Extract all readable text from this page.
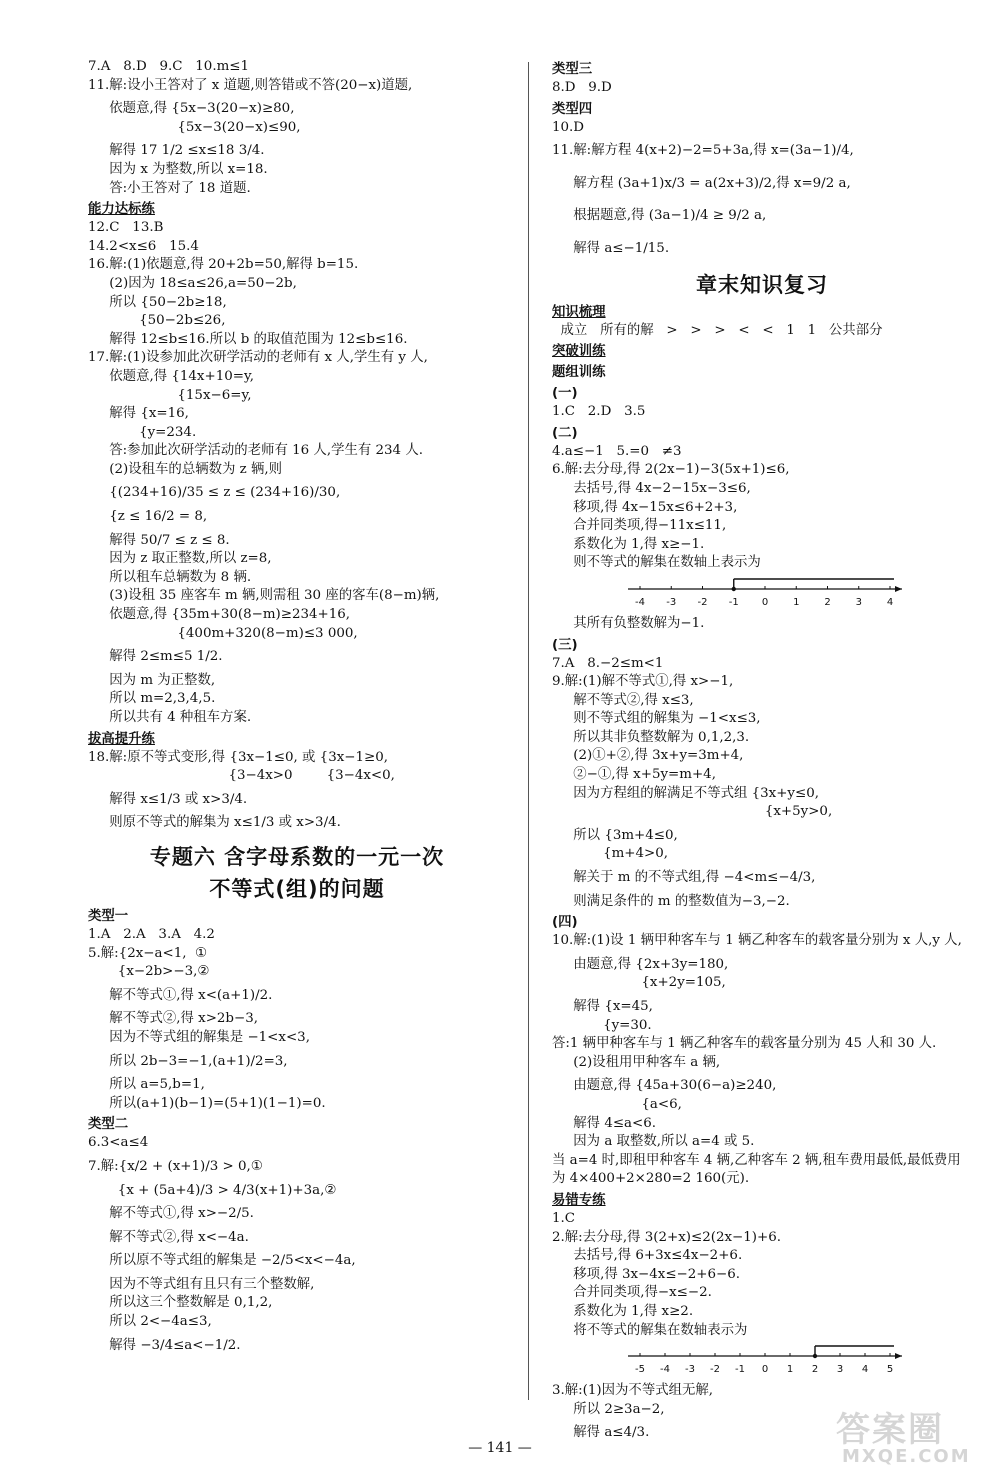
7.A   8.D   9.C   10.m≤1
11.解:设小王答对了 x 道题,则答错或不答(20−x)道题,
依题意,得 {5x−3(20−x)≥80,
{5x−3(20−x)≤90,
解得 17 1/2 ≤x≤18 3/4.
因为 x 为整数,所以 x=18.
答:小王答对了 18 道题.
能力达标练
12.C   13.B
14.2<x≤6   15.4
16.解:(1)依题意,得 20+2b=50,解得 b=15.
(2)因为 18≤a≤26,a=50−2b,
所以 {50−2b≥18,
{50−2b≤26,
解得 12≤b≤16.所以 b 的取值范围为 12≤b≤16.
17.解:(1)设参加此次研学活动的老师有 x 人,学生有 y 人,
依题意,得 {14x+10=y,
{15x−6=y,
解得 {x=16,
{y=234.
答:参加此次研学活动的老师有 16 人,学生有 234 人.
(2)设租车的总辆数为 z 辆,则
{(234+16)/35 ≤ z ≤ (234+16)/30,
{z ≤ 16/2 = 8,
解得 50/7 ≤ z ≤ 8.
因为 z 取正整数,所以 z=8,
所以租车总辆数为 8 辆.
(3)设租 35 座客车 m 辆,则需租 30 座的客车(8−m)辆,
依题意,得 {35m+30(8−m)≥234+16,
{400m+320(8−m)≤3 000,
解得 2≤m≤5 1/2.
因为 m 为正整数,
所以 m=2,3,4,5.
所以共有 4 种租车方案.
拔高提升练
18.解:原不等式变形,得 {3x−1≤0, 或 {3x−1≥0,
{3−4x>0        {3−4x<0,
解得 x≤1/3 或 x>3/4.
则原不等式的解集为 x≤1/3 或 x>3/4.
专题六 含字母系数的一元一次
不等式(组)的问题
类型一
1.A   2.A   3.A   4.2
5.解:{2x−a<1,  ①
{x−2b>−3,②
解不等式①,得 x<(a+1)/2.
解不等式②,得 x>2b−3,
因为不等式组的解集是 −1<x<3,
所以 2b−3=−1,(a+1)/2=3,
所以 a=5,b=1,
所以(a+1)(b−1)=(5+1)(1−1)=0.
类型二
6.3<a≤4
7.解:{x/2 + (x+1)/3 > 0,①
{x + (5a+4)/3 > 4/3(x+1)+3a,②
解不等式①,得 x>−2/5.
解不等式②,得 x<−4a.
所以原不等式组的解集是 −2/5<x<−4a,
因为不等式组有且只有三个整数解,
所以这三个整数解是 0,1,2,
所以 2<−4a≤3,
解得 −3/4≤a<−1/2.
类型三
8.D   9.D
类型四
10.D
11.解:解方程 4(x+2)−2=5+3a,得 x=(3a−1)/4,
解方程 (3a+1)x/3 = a(2x+3)/2,得 x=9/2 a,
根据题意,得 (3a−1)/4 ≥ 9/2 a,
解得 a≤−1/15.
章末知识复习
知识梳理
成立   所有的解   >   >   >   <   <   1   1   公共部分
突破训练
题组训练
(一)
1.C   2.D   3.5
(二)
4.a≤−1   5.=0   ≠3
6.解:去分母,得 2(2x−1)−3(5x+1)≤6,
去括号,得 4x−2−15x−3≤6,
移项,得 4x−15x≤6+2+3,
合并同类项,得−11x≤11,
系数化为 1,得 x≥−1.
则不等式的解集在数轴上表示为
-4 -3 -2 -1 0 1 2 3 4
其所有负整数解为−1.
(三)
7.A   8.−2≤m<1
9.解:(1)解不等式①,得 x>−1,
解不等式②,得 x≤3,
则不等式组的解集为 −1<x≤3,
所以其非负整数解为 0,1,2,3.
(2)①+②,得 3x+y=3m+4,
②−①,得 x+5y=m+4,
因为方程组的解满足不等式组 {3x+y≤0,
{x+5y>0,
所以 {3m+4≤0,
{m+4>0,
解关于 m 的不等式组,得 −4<m≤−4/3,
则满足条件的 m 的整数值为−3,−2.
(四)
10.解:(1)设 1 辆甲种客车与 1 辆乙种客车的载客量分别为 x 人,y 人,
由题意,得 {2x+3y=180,
{x+2y=105,
解得 {x=45,
{y=30.
答:1 辆甲种客车与 1 辆乙种客车的载客量分别为 45 人和 30 人.
(2)设租用甲种客车 a 辆,
由题意,得 {45a+30(6−a)≥240,
{a<6,
解得 4≤a<6.
因为 a 取整数,所以 a=4 或 5.
当 a=4 时,即租甲种客车 4 辆,乙种客车 2 辆,租车费用最低,最低费用为 4×400+2×280=2 160(元).
易错专练
1.C
2.解:去分母,得 3(2+x)≤2(2x−1)+6.
去括号,得 6+3x≤4x−2+6.
移项,得 3x−4x≤−2+6−6.
合并同类项,得−x≤−2.
系数化为 1,得 x≥2.
将不等式的解集在数轴表示为
-5 -4 -3 -2 -1 0 1 2 3 4 5
3.解:(1)因为不等式组无解,
所以 2≥3a−2,
解得 a≤4/3.
— 141 —	答案圈
MXQE.COM
